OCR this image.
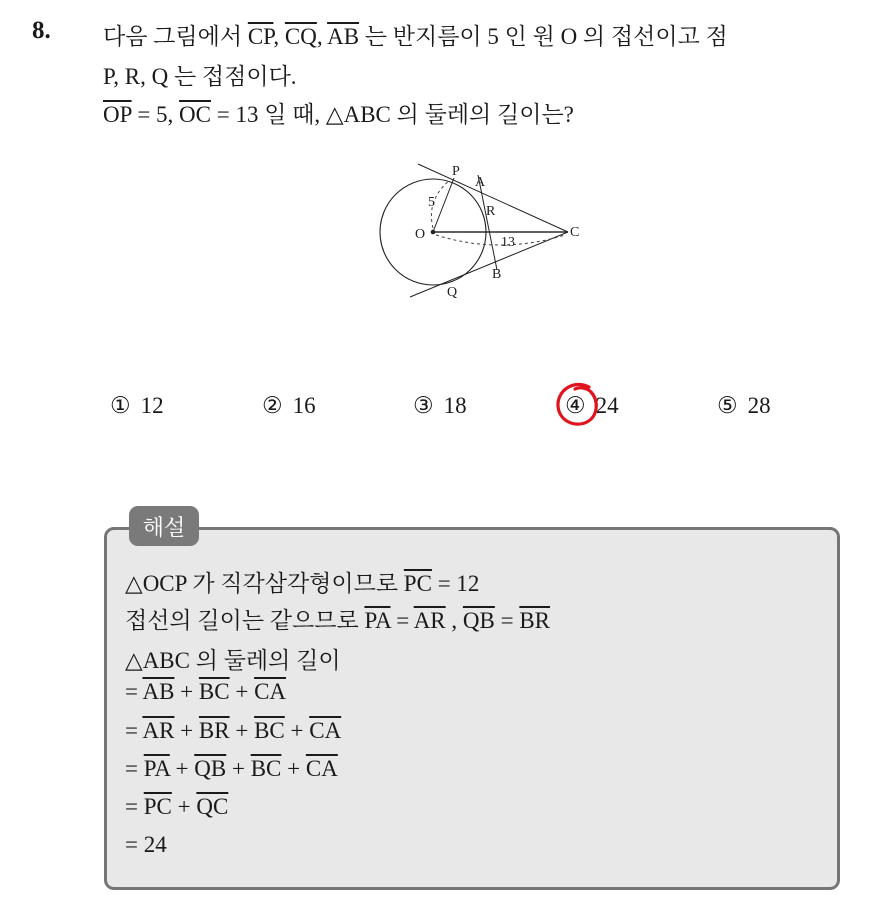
8. 다음 그림에서 $\overline{CP}$, $\overline{CQ}$, $\overline{AB}$ 는 반지름이 5 인 원 O 의 접선이고 점
P, R, Q 는 접점이다.
$\overline{OP} = 5$, $\overline{OC} = 13$ 일 때, △ABC 의 둘레의 길이는?
P
A
R
O	C
B
Q
5
13
① 12	② 16	③ 18	④ 24	⑤ 28
해설
△OCP 가 직각삼각형이므로 $\overline{PC} = 12$
접선의 길이는 같으므로 $\overline{PA} = \overline{AR}$ , $\overline{QB} = \overline{BR}$
△ABC 의 둘레의 길이
= $\overline{AB} + \overline{BC} + \overline{CA}$
= $\overline{AR} + \overline{BR} + \overline{BC} + \overline{CA}$
= $\overline{PA} + \overline{QB} + \overline{BC} + \overline{CA}$
= $\overline{PC} + \overline{QC}$
= 24
